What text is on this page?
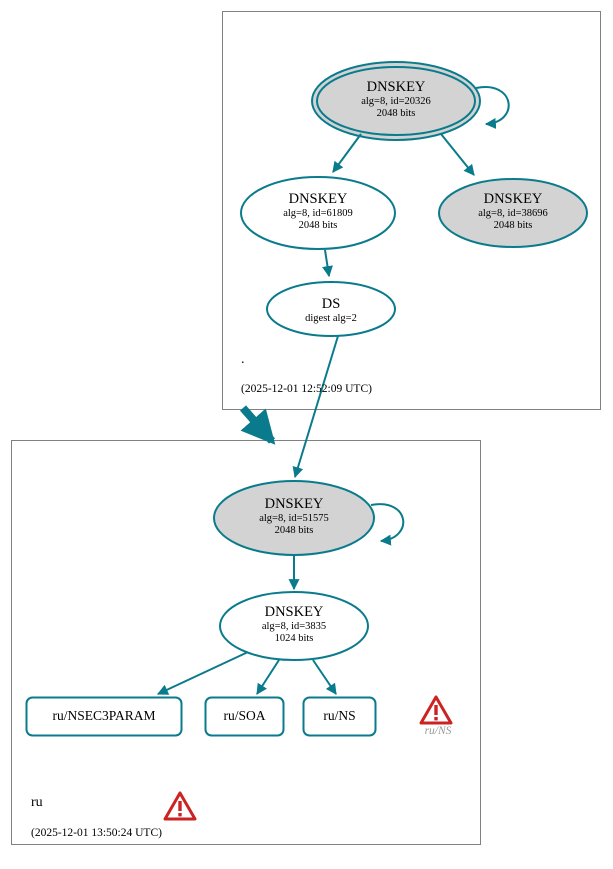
DNSKEY
alg=8, id=20326
2048 bits
DNSKEY
alg=8, id=61809
2048 bits
DNSKEY
alg=8, id=38696
2048 bits
DS
digest alg=2
DNSKEY
alg=8, id=51575
2048 bits
DNSKEY
alg=8, id=3835
1024 bits
ru/NSEC3PARAM	ru/SOA	ru/NS
ru/NS
.
(2025-12-01 12:52:09 UTC)
ru
(2025-12-01 13:50:24 UTC)
